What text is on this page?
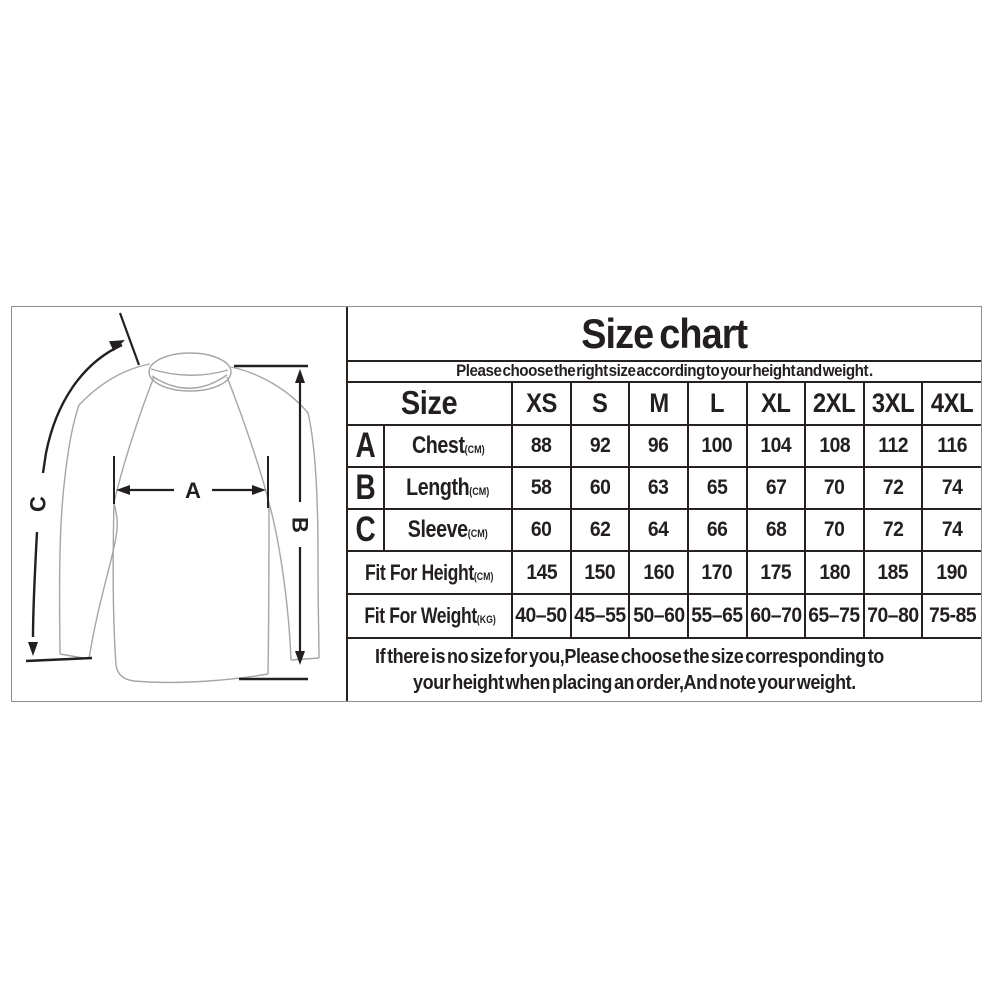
A
B
C
Size chart									
Please choose the right size according to your height and weight .									
Size		XS	S	M	L	XL	2XL	3XL	4XL
A	Chest(CM)	88	92	96	100	104	108	112	116
B	Length(CM)	58	60	63	65	67	70	72	74
C	Sleeve(CM)	60	62	64	66	68	70	72	74
Fit For Height(CM)		145	150	160	170	175	180	185	190
Fit For Weight(KG)		40–50	45–55	50–60	55–65	60–70	65–75	70–80	75-85

If there is no size for you,Please choose the size corresponding to
your height when placing an order,And note your weight.									
